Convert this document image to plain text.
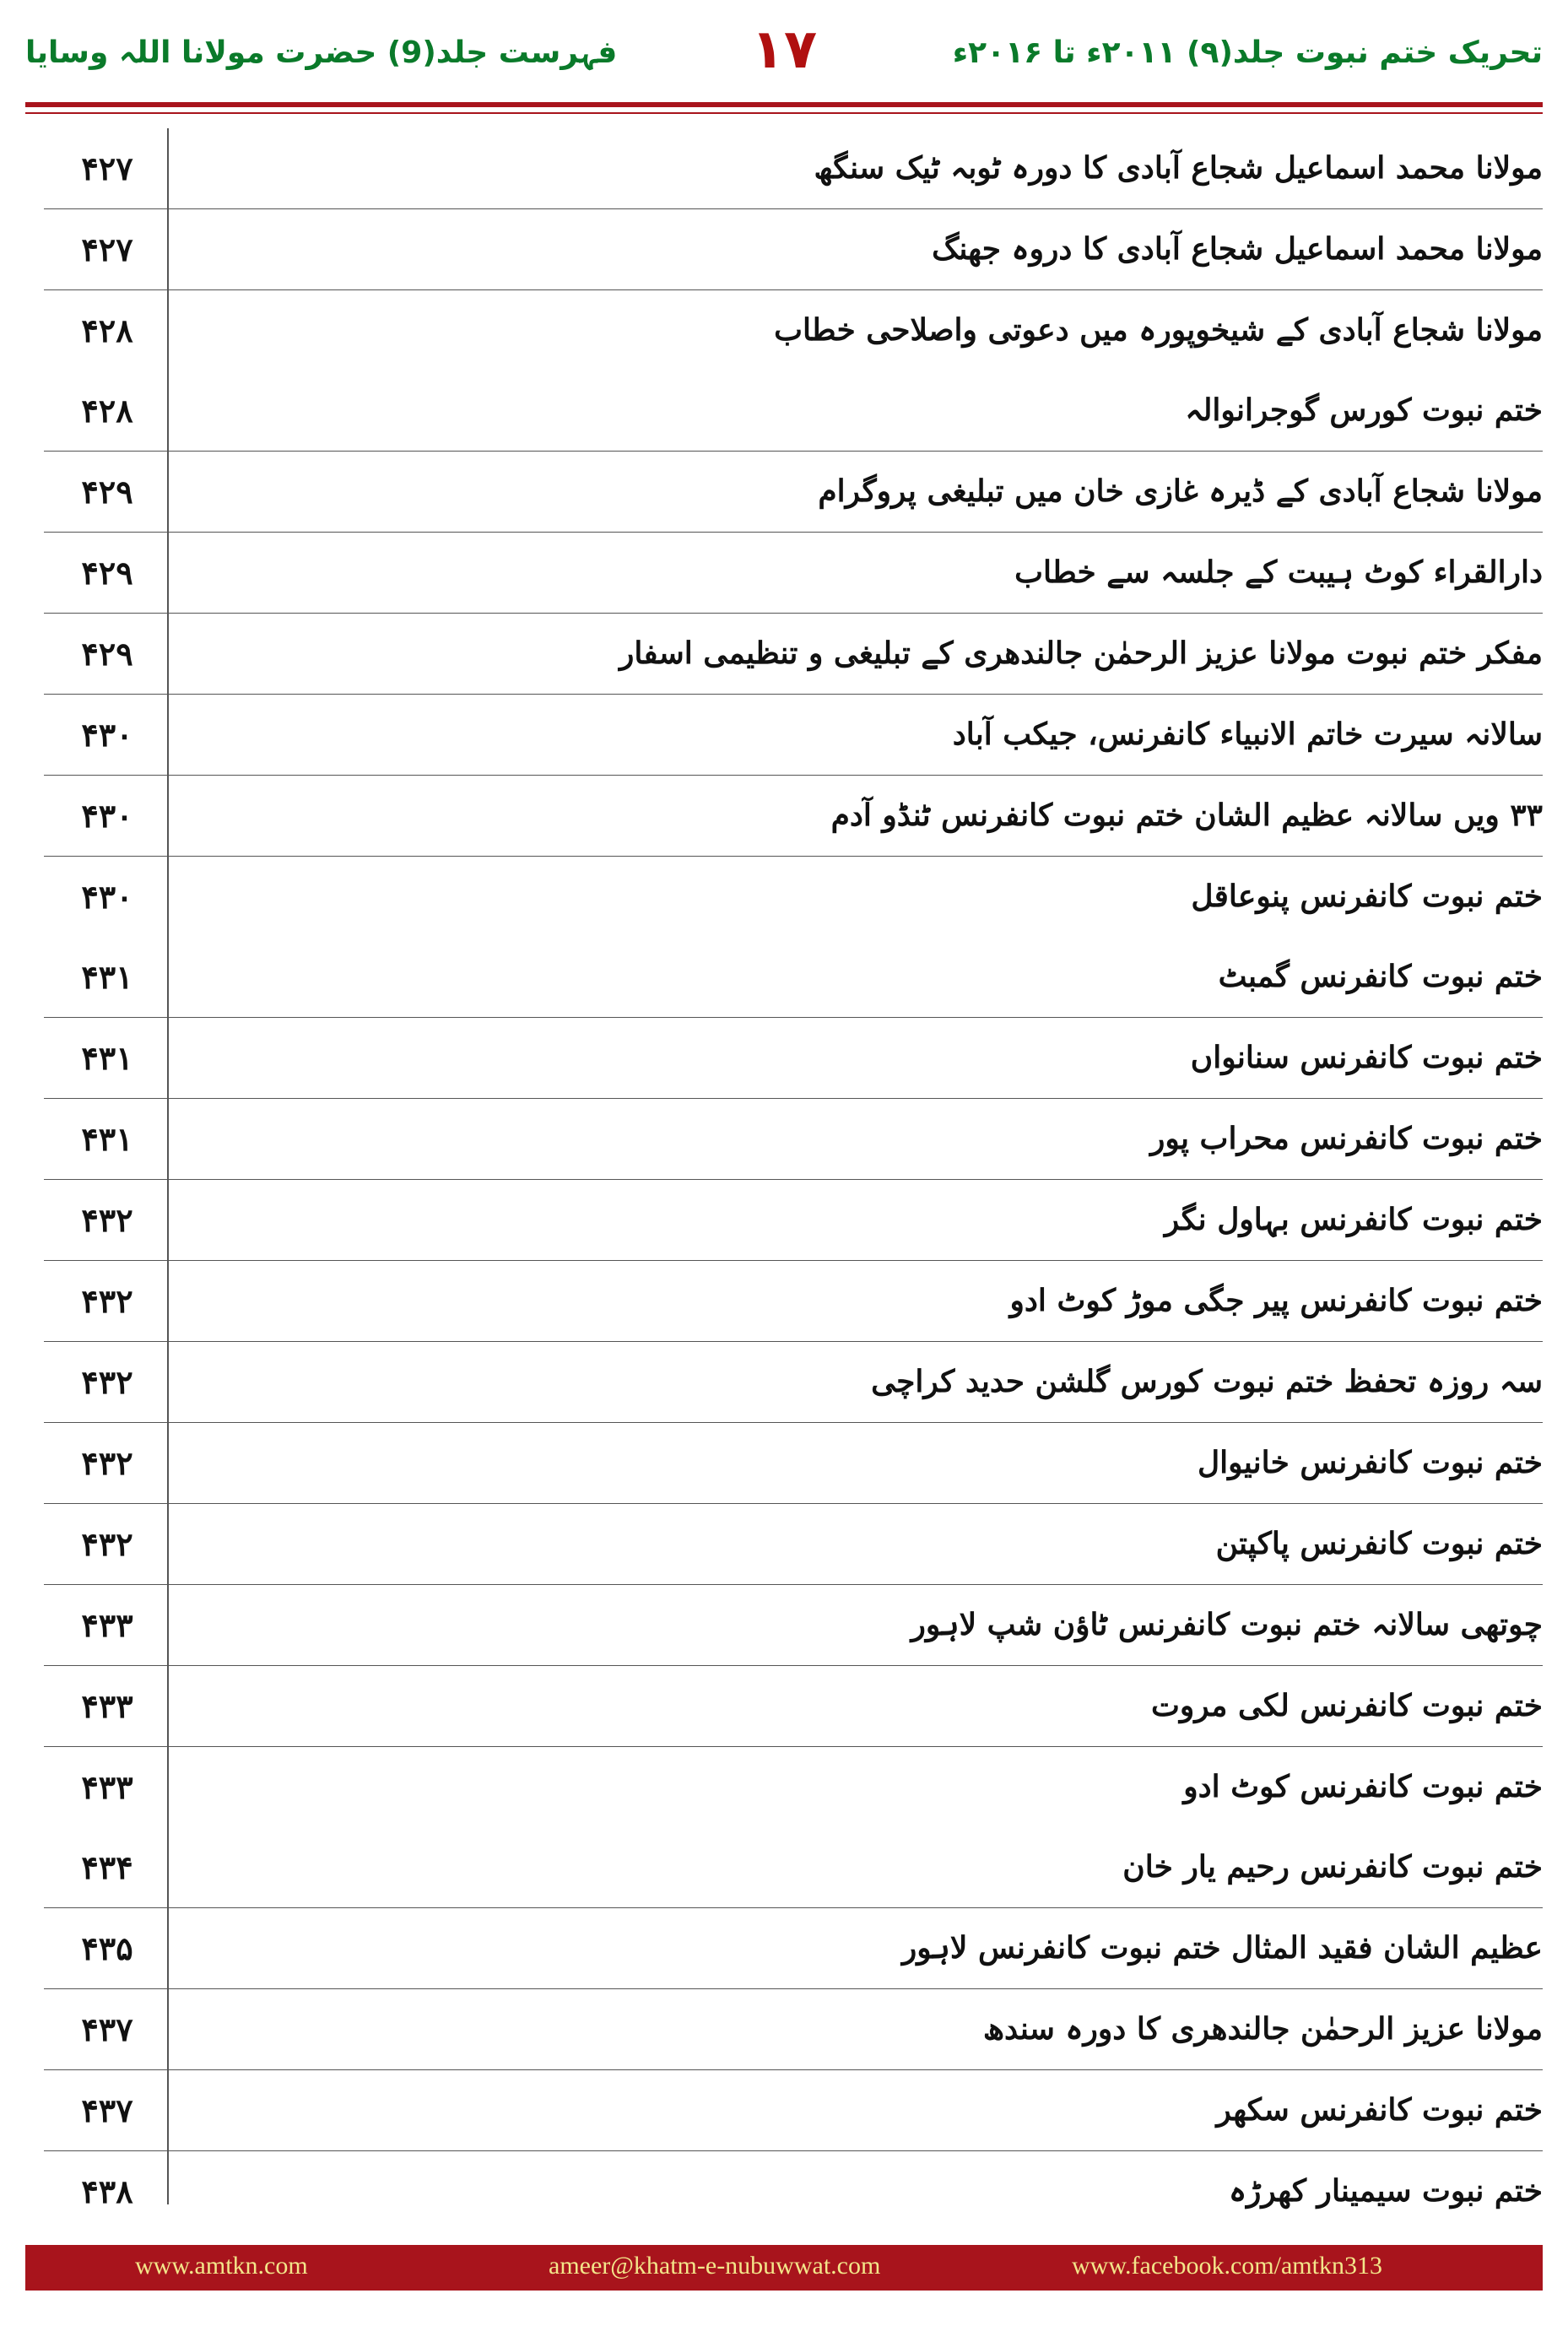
فہرست جلد(9) حضرت مولانا اللہ وسایا	۱۷	تحریک ختم نبوت جلد(۹) ۲۰۱۱ء تا ۲۰۱۶ء
۴۲۷	مولانا محمد اسماعیل شجاع آبادی کا دورہ ٹوبہ ٹیک سنگھ
۴۲۷	مولانا محمد اسماعیل شجاع آبادی کا دروہ جھنگ
۴۲۸	مولانا شجاع آبادی کے شیخوپورہ میں دعوتی واصلاحی خطاب
۴۲۸	ختم نبوت کورس گوجرانوالہ
۴۲۹	مولانا شجاع آبادی کے ڈیرہ غازی خان میں تبلیغی پروگرام
۴۲۹	دارالقراء کوٹ ہیبت کے جلسہ سے خطاب
۴۲۹	مفکر ختم نبوت مولانا عزیز الرحمٰن جالندھری کے تبلیغی و تنظیمی اسفار
۴۳۰	سالانہ سیرت خاتم الانبیاء کانفرنس، جیکب آباد
۴۳۰	۳۳ ویں سالانہ عظیم الشان ختم نبوت کانفرنس ٹنڈو آدم
۴۳۰	ختم نبوت کانفرنس پنوعاقل
۴۳۱	ختم نبوت کانفرنس گمبٹ
۴۳۱	ختم نبوت کانفرنس سنانواں
۴۳۱	ختم نبوت کانفرنس محراب پور
۴۳۲	ختم نبوت کانفرنس بہاول نگر
۴۳۲	ختم نبوت کانفرنس پیر جگی موڑ کوٹ ادو
۴۳۲	سہ روزہ تحفظ ختم نبوت کورس گلشن حدید کراچی
۴۳۲	ختم نبوت کانفرنس خانیوال
۴۳۲	ختم نبوت کانفرنس پاکپتن
۴۳۳	چوتھی سالانہ ختم نبوت کانفرنس ٹاؤن شپ لاہور
۴۳۳	ختم نبوت کانفرنس لکی مروت
۴۳۳	ختم نبوت کانفرنس کوٹ ادو
۴۳۴	ختم نبوت کانفرنس رحیم یار خان
۴۳۵	عظیم الشان فقید المثال ختم نبوت کانفرنس لاہور
۴۳۷	مولانا عزیز الرحمٰن جالندھری کا دورہ سندھ
۴۳۷	ختم نبوت کانفرنس سکھر
۴۳۸	ختم نبوت سیمینار کھرڑہ
www.amtkn.com	ameer@khatm-e-nubuwwat.com	www.facebook.com/amtkn313
